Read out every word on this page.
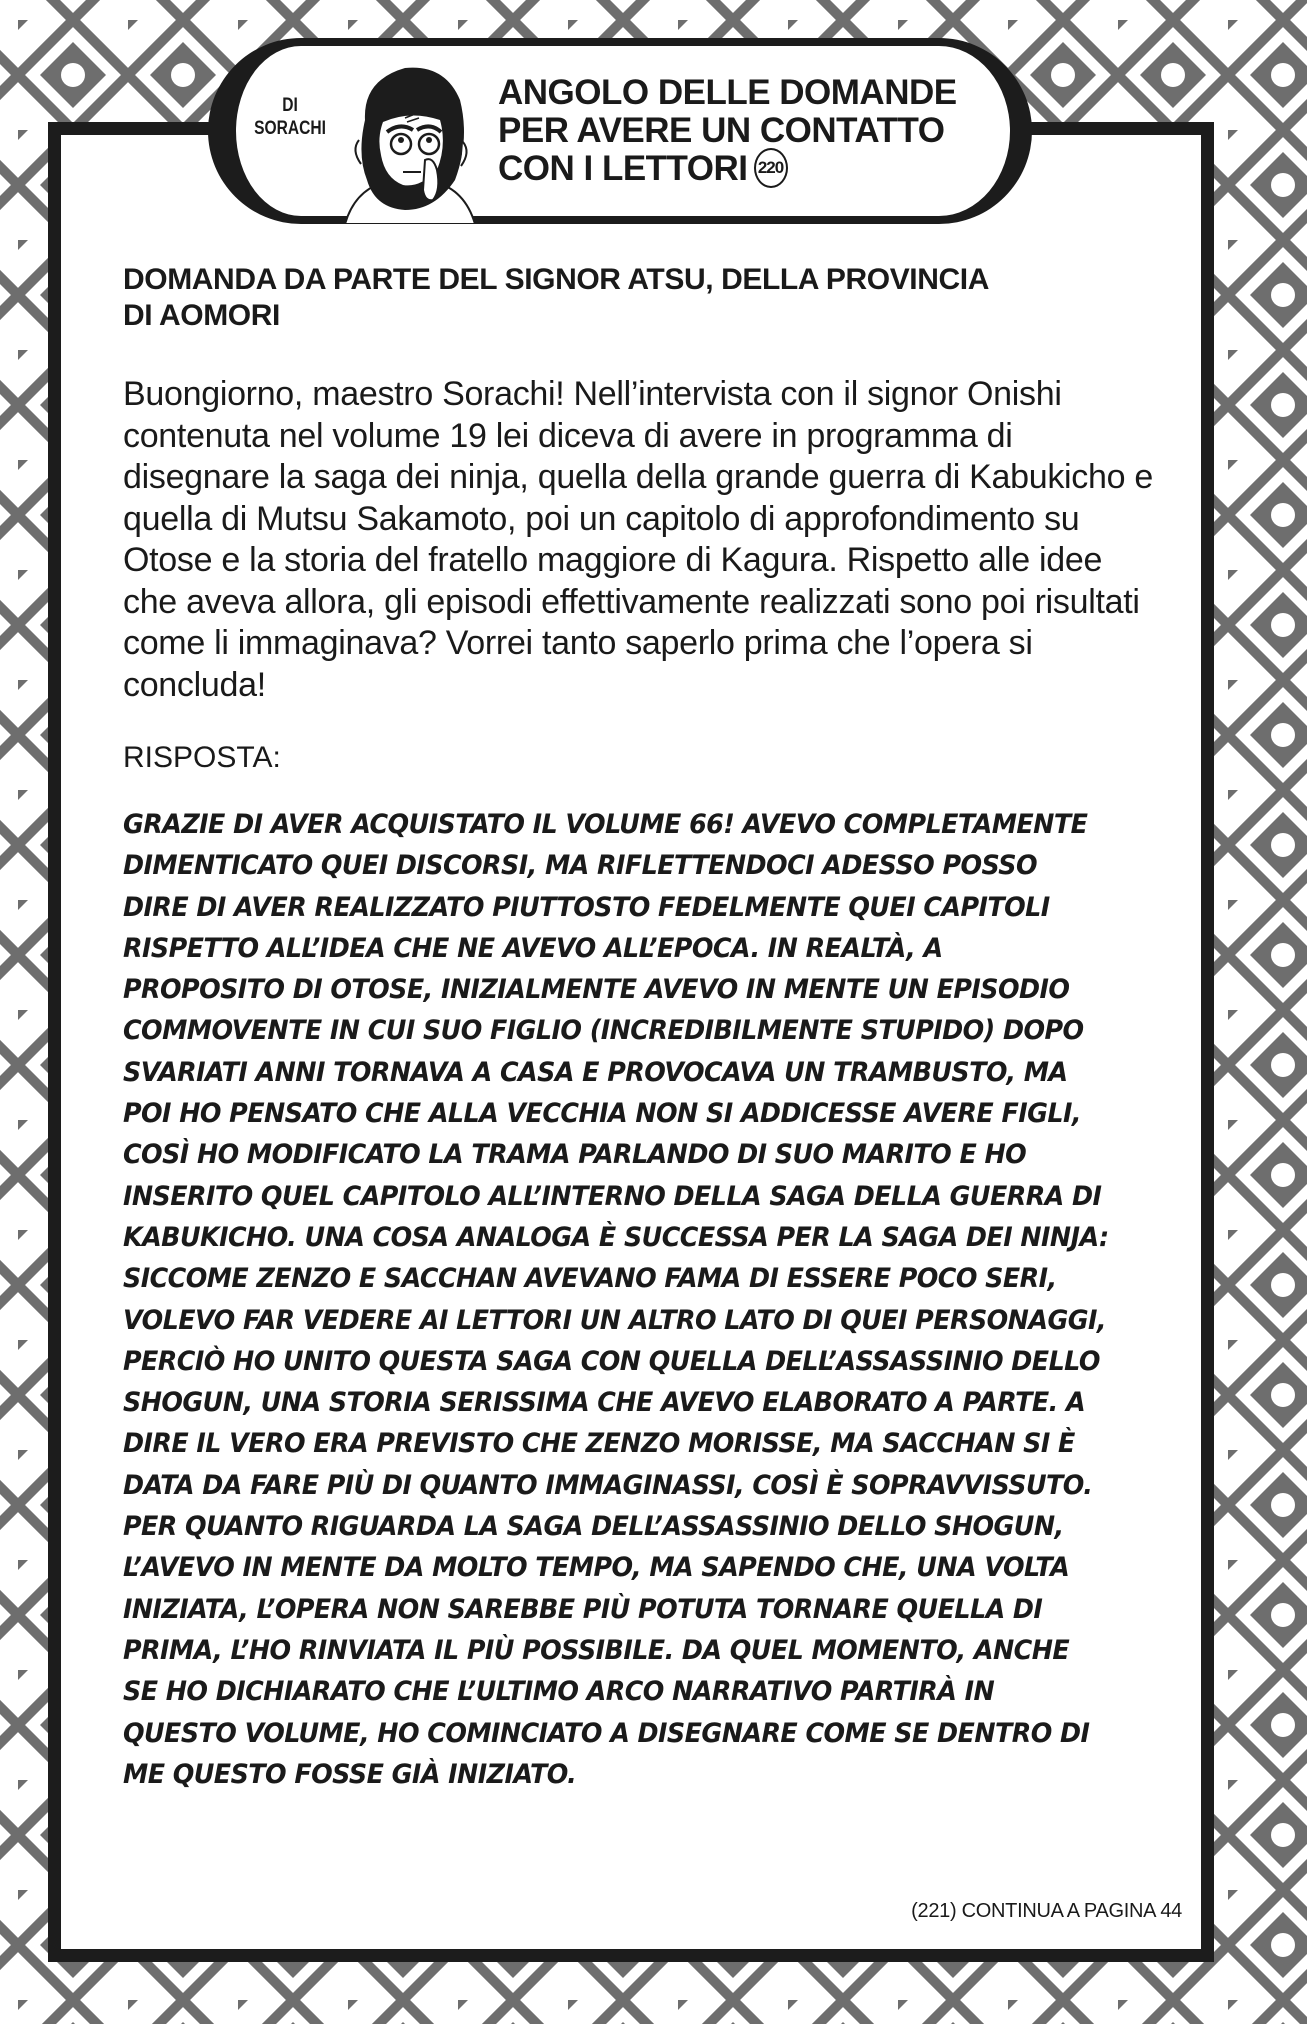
DI
SORACHI
ANGOLO DELLE DOMANDE
PER AVERE UN CONTATTO
CON I LETTORI 220
DOMANDA DA PARTE DEL SIGNOR ATSU, DELLA PROVINCIA DI AOMORI

Buongiorno, maestro Sorachi! Nell’intervista con il signor Onishi contenuta nel volume 19 lei diceva di avere in programma di disegnare la saga dei ninja, quella della grande guerra di Kabukicho e quella di Mutsu Sakamoto, poi un capitolo di approfondimento su Otose e la storia del fratello maggiore di Kagura. Rispetto alle idee che aveva allora, gli episodi effettivamente realizzati sono poi risultati come li immaginava? Vorrei tanto saperlo prima che l’opera si concluda!

RISPOSTA:

GRAZIE DI AVER ACQUISTATO IL VOLUME 66! AVEVO COMPLETAMENTE DIMENTICATO QUEI DISCORSI, MA RIFLETTENDOCI ADESSO POSSO DIRE DI AVER REALIZZATO PIUTTOSTO FEDELMENTE QUEI CAPITOLI RISPETTO ALL’IDEA CHE NE AVEVO ALL’EPOCA. IN REALTÀ, A PROPOSITO DI OTOSE, INIZIALMENTE AVEVO IN MENTE UN EPISODIO COMMOVENTE IN CUI SUO FIGLIO (INCREDIBILMENTE STUPIDO) DOPO SVARIATI ANNI TORNAVA A CASA E PROVOCAVA UN TRAMBUSTO, MA POI HO PENSATO CHE ALLA VECCHIA NON SI ADDICESSE AVERE FIGLI, COSÌ HO MODIFICATO LA TRAMA PARLANDO DI SUO MARITO E HO INSERITO QUEL CAPITOLO ALL’INTERNO DELLA SAGA DELLA GUERRA DI KABUKICHO. UNA COSA ANALOGA È SUCCESSA PER LA SAGA DEI NINJA: SICCOME ZENZO E SACCHAN AVEVANO FAMA DI ESSERE POCO SERI, VOLEVO FAR VEDERE AI LETTORI UN ALTRO LATO DI QUEI PERSONAGGI, PERCIÒ HO UNITO QUESTA SAGA CON QUELLA DELL’ASSASSINIO DELLO SHOGUN, UNA STORIA SERISSIMA CHE AVEVO ELABORATO A PARTE. A DIRE IL VERO ERA PREVISTO CHE ZENZO MORISSE, MA SACCHAN SI È DATA DA FARE PIÙ DI QUANTO IMMAGINASSI, COSÌ È SOPRAVVISSUTO. PER QUANTO RIGUARDA LA SAGA DELL’ASSASSINIO DELLO SHOGUN, L’AVEVO IN MENTE DA MOLTO TEMPO, MA SAPENDO CHE, UNA VOLTA INIZIATA, L’OPERA NON SAREBBE PIÙ POTUTA TORNARE QUELLA DI PRIMA, L’HO RINVIATA IL PIÙ POSSIBILE. DA QUEL MOMENTO, ANCHE SE HO DICHIARATO CHE L’ULTIMO ARCO NARRATIVO PARTIRÀ IN QUESTO VOLUME, HO COMINCIATO A DISEGNARE COME SE DENTRO DI ME QUESTO FOSSE GIÀ INIZIATO.

(221) CONTINUA A PAGINA 44
